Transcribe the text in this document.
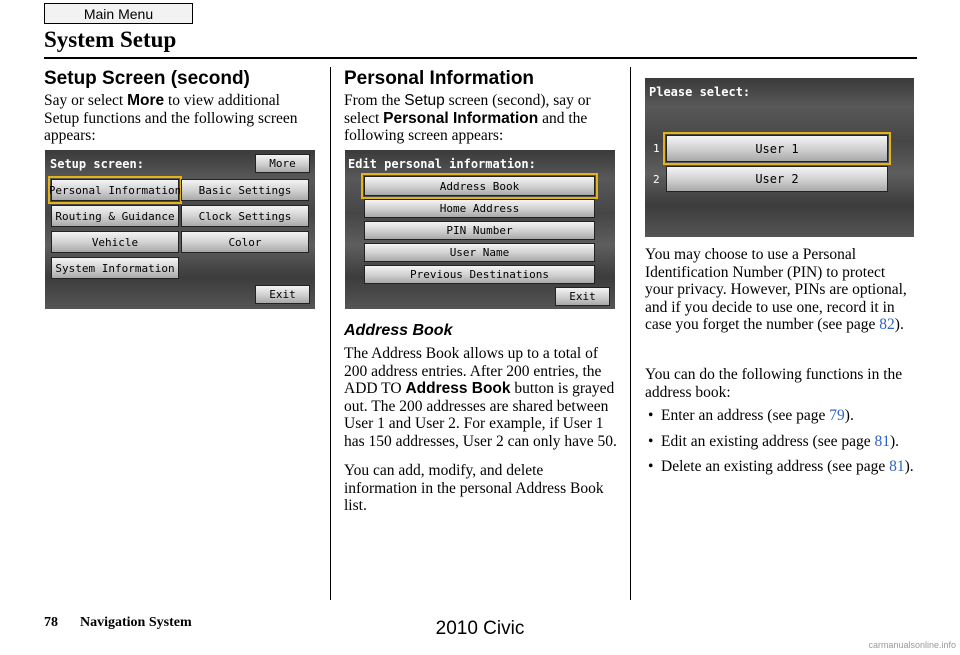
Main Menu
System Setup
Setup Screen (second)
Say or select More to view additional Setup functions and the following screen appears:
Setup screen:	More
Personal Information	Basic Settings
Routing & Guidance	Clock Settings
Vehicle	Color
System Information
Exit
Personal Information
From the Setup screen (second), say or select Personal Information and the following screen appears:
Edit personal information:
Address Book
Home Address
PIN Number
User Name
Previous Destinations
Exit
Address Book
The Address Book allows up to a total of 200 address entries. After 200 entries, the ADD TO Address Book button is grayed out. The 200 addresses are shared between User 1 and User 2. For example, if User 1 has 150 addresses, User 2 can only have 50.
You can add, modify, and delete information in the personal Address Book list.
Please select:
1
2
User 1
User 2
You may choose to use a Personal Identification Number (PIN) to protect your privacy. However, PINs are optional, and if you decide to use one, record it in case you forget the number (see page 82).
You can do the following functions in the address book:
• Enter an address (see page 79).
• Edit an existing address (see page 81).
• Delete an existing address (see page 81).
78 Navigation System	2010 Civic
carmanualsonline.info
